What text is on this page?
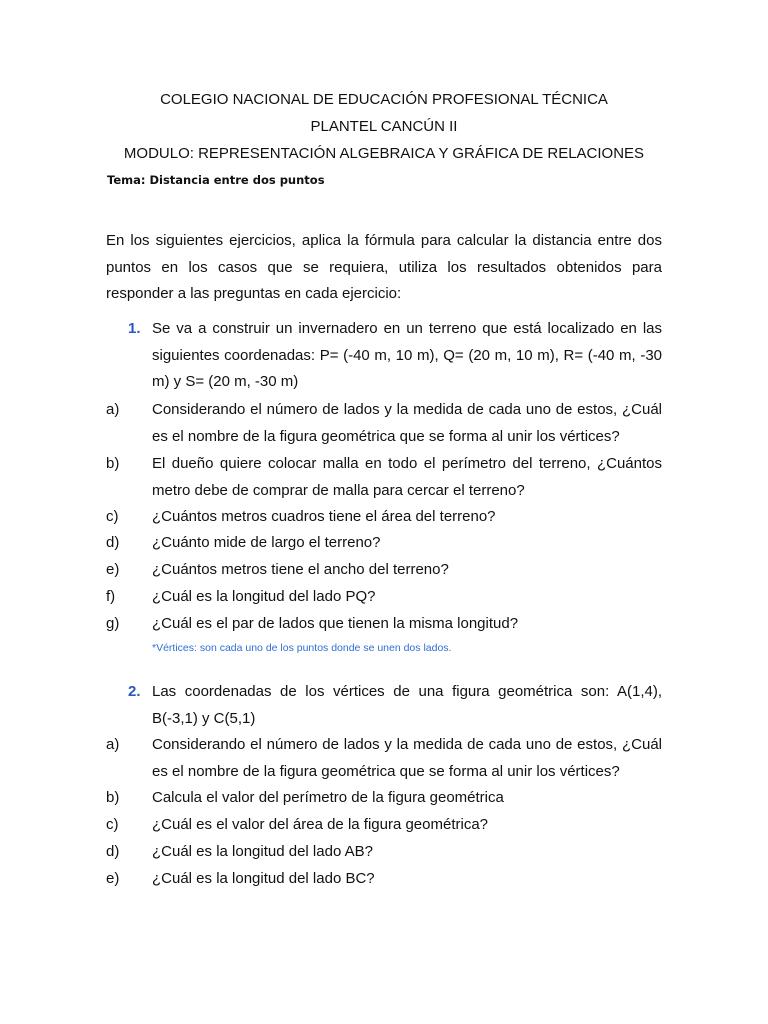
COLEGIO NACIONAL DE EDUCACIÓN PROFESIONAL TÉCNICA
PLANTEL CANCÚN II
MODULO: REPRESENTACIÓN ALGEBRAICA Y GRÁFICA DE RELACIONES
Tema: Distancia entre dos puntos
En los siguientes ejercicios, aplica la fórmula para calcular la distancia entre dos puntos en los casos que se requiera, utiliza los resultados obtenidos para responder a las preguntas en cada ejercicio:
1. Se va a construir un invernadero en un terreno que está localizado en las siguientes coordenadas: P= (-40 m, 10 m), Q= (20 m, 10 m), R= (-40 m, -30 m) y S= (20 m, -30 m)
a)	Considerando el número de lados y la medida de cada uno de estos, ¿Cuál es el nombre de la figura geométrica que se forma al unir los vértices?
b)	El dueño quiere colocar malla en todo el perímetro del terreno, ¿Cuántos metro debe de comprar de malla para cercar el terreno?
c)	¿Cuántos metros cuadros tiene el área del terreno?
d)	¿Cuánto mide de largo el terreno?
e)	¿Cuántos metros tiene el ancho del terreno?
f)	¿Cuál es la longitud del lado PQ?
g)	¿Cuál es el par de lados que tienen la misma longitud?
*Vértices: son cada uno de los puntos donde se unen dos lados.
2. Las coordenadas de los vértices de una figura geométrica son: A(1,4), B(-3,1) y C(5,1)
a)	Considerando el número de lados y la medida de cada uno de estos, ¿Cuál es el nombre de la figura geométrica que se forma al unir los vértices?
b)	Calcula el valor del perímetro de la figura geométrica
c)	¿Cuál es el valor del área de la figura geométrica?
d)	¿Cuál es la longitud del lado AB?
e)	¿Cuál es la longitud del lado BC?
